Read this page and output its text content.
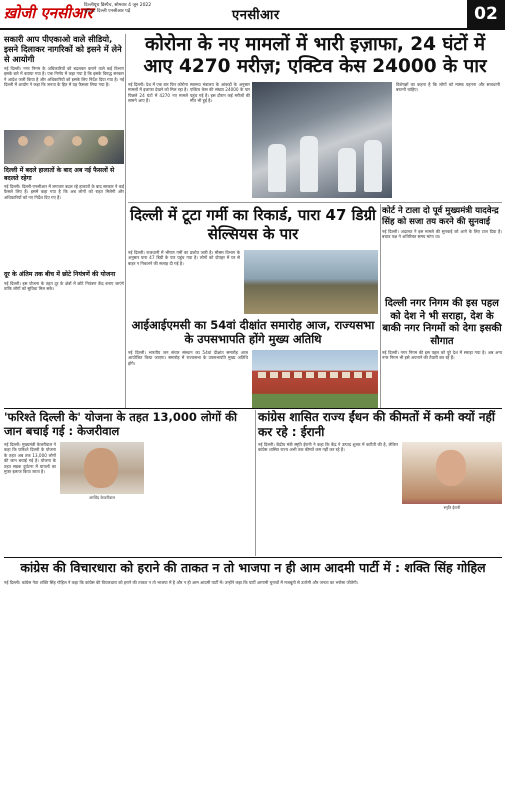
ख़ोजी एनसीआर
दिल्लीयूथ डिस्पैच, सोमवार 4 जून 2022
शुक्रिया दिल्ली एनसीआर पढ़ें	एनसीआर	02
सकारी आप पीएकाओ वाले सीडियो, इसने दिलाकर नागरिकों को इसने में लेने से आयोगी
नई दिल्ली। नगर निगम के अधिकारियों को बदलकर कराने वाले कई विभाग इसके बारे में बताया गया है। एक निर्णय में कहा गया है कि इसके विरुद्ध सरकार ने आदेश जारी किया है और अधिकारियों को इसके लिए निर्देश दिया गया है। नई दिल्ली में आयोग ने कहा कि जनता के हित में यह फैसला लिया गया है।
दिल्ली में बदले हालातों के बाद अब नई फैसलों से बदलते रहेगा
नई दिल्ली। दिल्ली-एनसीआर में लगातार बदल रहे हालातों के बाद सरकार ने कई फैसले लिए हैं। इसमें कहा गया है कि अब लोगों को राहत मिलेगी और अधिकारियों को नए निर्देश दिए गए हैं।
दूर के अंतिम तक बीच में छोटे नियंत्रणें की योजना
नई दिल्ली। इस योजना के तहत दूर के क्षेत्रों में छोटे नियंत्रण केंद्र बनाए जाएंगे ताकि लोगों को सुविधा मिल सके।
कोरोना के नए मामलों में भारी इज़ाफा, 24 घंटों में आए 4270 मरीज़; एक्टिव केस 24000 के पार
नई दिल्ली। देश में एक बार फिर कोरोना मामलों में इजाफा देखने को मिल रहा है। पिछले 24 घंटों में 4270 नए मामले सामने आए हैं।
स्वास्थ्य मंत्रालय के आंकड़ों के अनुसार एक्टिव केस की संख्या 24000 के पार पहुंच गई है। इस दौरान कई मरीजों की मौत भी हुई है।
विशेषज्ञों का कहना है कि लोगों को मास्क पहनना और सावधानी बरतनी चाहिए।
दिल्ली में टूटा गर्मी का रिकार्ड, पारा 47 डिग्री सेल्सियस के पार
नई दिल्ली। राजधानी में भीषण गर्मी का प्रकोप जारी है। मौसम विभाग के अनुसार पारा 47 डिग्री के पार पहुंच गया है। लोगों को दोपहर में घर से बाहर न निकलने की सलाह दी गई है।
कोर्ट ने टाला दो पूर्व मुख्यमंत्री यादवेन्द्र सिंह को सजा तय करने की सुनवाई
नई दिल्ली। अदालत ने इस मामले की सुनवाई को आगे के लिए टाल दिया है। बचाव पक्ष ने अतिरिक्त समय मांगा था।
आईआईएमसी का 54वां दीक्षांत समारोह आज, राज्यसभा के उपसभापति होंगे मुख्य अतिथि
नई दिल्ली। भारतीय जन संचार संस्थान का 54वां दीक्षांत समारोह आज आयोजित किया जाएगा। समारोह में राज्यसभा के उपसभापति मुख्य अतिथि होंगे।
दिल्ली नगर निगम की इस पहल को देश ने भी सराहा, देश के बाकी नगर निगमों को देगा इसकी सौगात
नई दिल्ली। नगर निगम की इस पहल को पूरे देश में सराहा गया है। अब अन्य नगर निगम भी इसे अपनाने की तैयारी कर रहे हैं।
'फरिश्ते दिल्ली के' योजना के तहत 13,000 लोगों की जान बचाई गई : केजरीवाल
नई दिल्ली। मुख्यमंत्री केजरीवाल ने कहा कि फरिश्ते दिल्ली के योजना के तहत अब तक 13,000 लोगों की जान बचाई गई है। योजना के तहत सड़क दुर्घटना में घायलों का मुफ्त इलाज किया जाता है।
अरविंद केजरीवाल
कांग्रेस शासित राज्य ईंधन की कीमतों में कमी क्यों नहीं कर रहे : ईरानी
नई दिल्ली। केंद्रीय मंत्री स्मृति ईरानी ने कहा कि केंद्र ने उत्पाद शुल्क में कटौती की है, लेकिन कांग्रेस शासित राज्य अभी तक कीमतें कम नहीं कर रहे हैं।
स्मृति ईरानी
कांग्रेस की विचारधारा को हराने की ताकत न तो भाजपा न ही आम आदमी पार्टी में : शक्ति सिंह गोहिल
नई दिल्ली। कांग्रेस नेता शक्ति सिंह गोहिल ने कहा कि कांग्रेस की विचारधारा को हराने की ताकत न तो भाजपा में है और न ही आम आदमी पार्टी में। उन्होंने कहा कि पार्टी आगामी चुनावों में मजबूती से उतरेगी और जनता का भरोसा जीतेगी।
